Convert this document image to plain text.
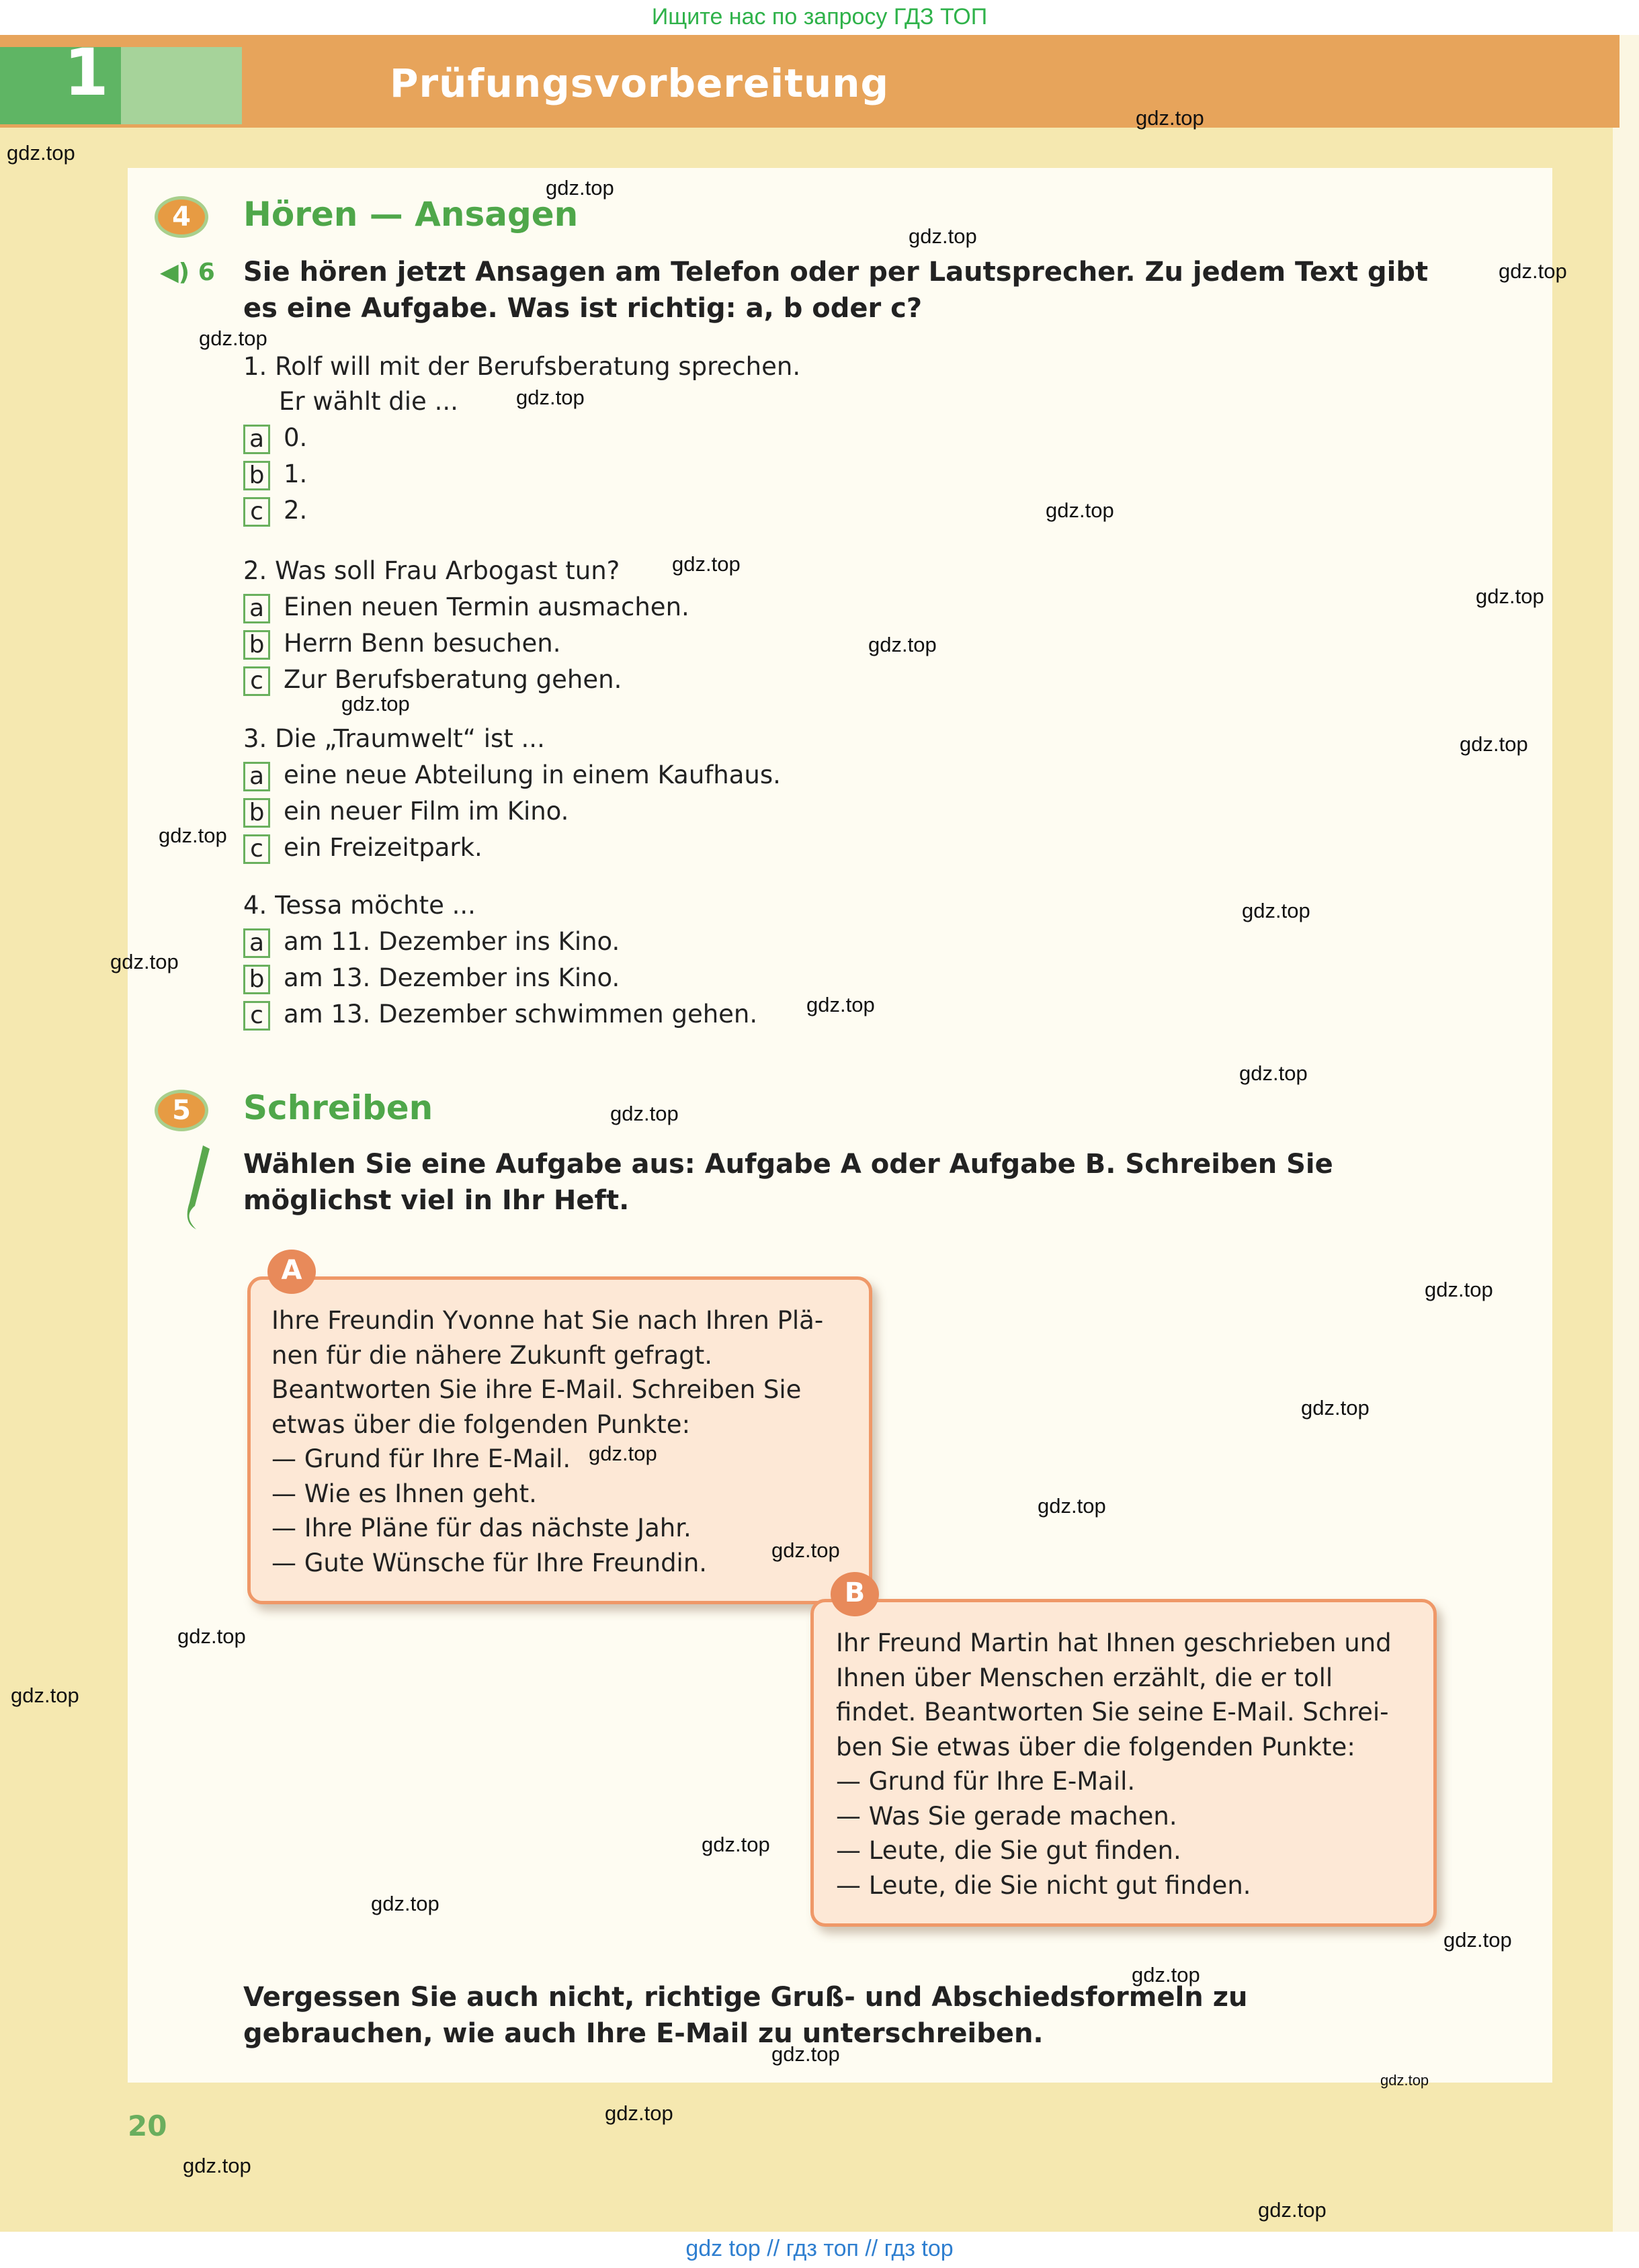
Ищите нас по запросу ГДЗ ТОП
1	Prüfungsvorbereitung
4	Hören — Ansagen
◀︎) 6 Sie hören jetzt Ansagen am Telefon oder per Lautsprecher. Zu jedem Text gibt es eine Aufgabe. Was ist richtig: a, b oder c?
1. Rolf will mit der Berufsberatung sprechen.
Er wählt die ...
a 0.
b 1.
c 2.
2. Was soll Frau Arbogast tun?
a Einen neuen Termin ausmachen.
b Herrn Benn besuchen.
c Zur Berufsberatung gehen.
3. Die „Traumwelt“ ist ...
a eine neue Abteilung in einem Kaufhaus.
b ein neuer Film im Kino.
c ein Freizeitpark.
4. Tessa möchte ...
a am 11. Dezember ins Kino.
b am 13. Dezember ins Kino.
c am 13. Dezember schwimmen gehen.
5	Schreiben
Wählen Sie eine Aufgabe aus: Aufgabe A oder Aufgabe B. Schreiben Sie möglichst viel in Ihr Heft.
A
Ihre Freundin Yvonne hat Sie nach Ihren Plä-
nen für die nähere Zukunft gefragt.
Beantworten Sie ihre E-Mail. Schreiben Sie
etwas über die folgenden Punkte:
— Grund für Ihre E-Mail.
— Wie es Ihnen geht.
— Ihre Pläne für das nächste Jahr.
— Gute Wünsche für Ihre Freundin.
B
Ihr Freund Martin hat Ihnen geschrieben und
Ihnen über Menschen erzählt, die er toll
findet. Beantworten Sie seine E-Mail. Schrei-
ben Sie etwas über die folgenden Punkte:
— Grund für Ihre E-Mail.
— Was Sie gerade machen.
— Leute, die Sie gut finden.
— Leute, die Sie nicht gut finden.
Vergessen Sie auch nicht, richtige Gruß- und Abschiedsformeln zu gebrauchen, wie auch Ihre E-Mail zu unterschreiben.
20
gdz.top
gdz.top
gdz.top
gdz.top
gdz.top
gdz.top
gdz.top
gdz.top
gdz.top
gdz.top
gdz.top
gdz.top
gdz.top
gdz.top
gdz.top
gdz.top
gdz.top
gdz.top
gdz.top
gdz.top
gdz.top
gdz.top
gdz.top
gdz.top
gdz.top
gdz.top
gdz.top
gdz.top
gdz.top
gdz.top
gdz.top
gdz.top
gdz.top
gdz.top
gdz.top
gdz top // гдз топ // гдз top
